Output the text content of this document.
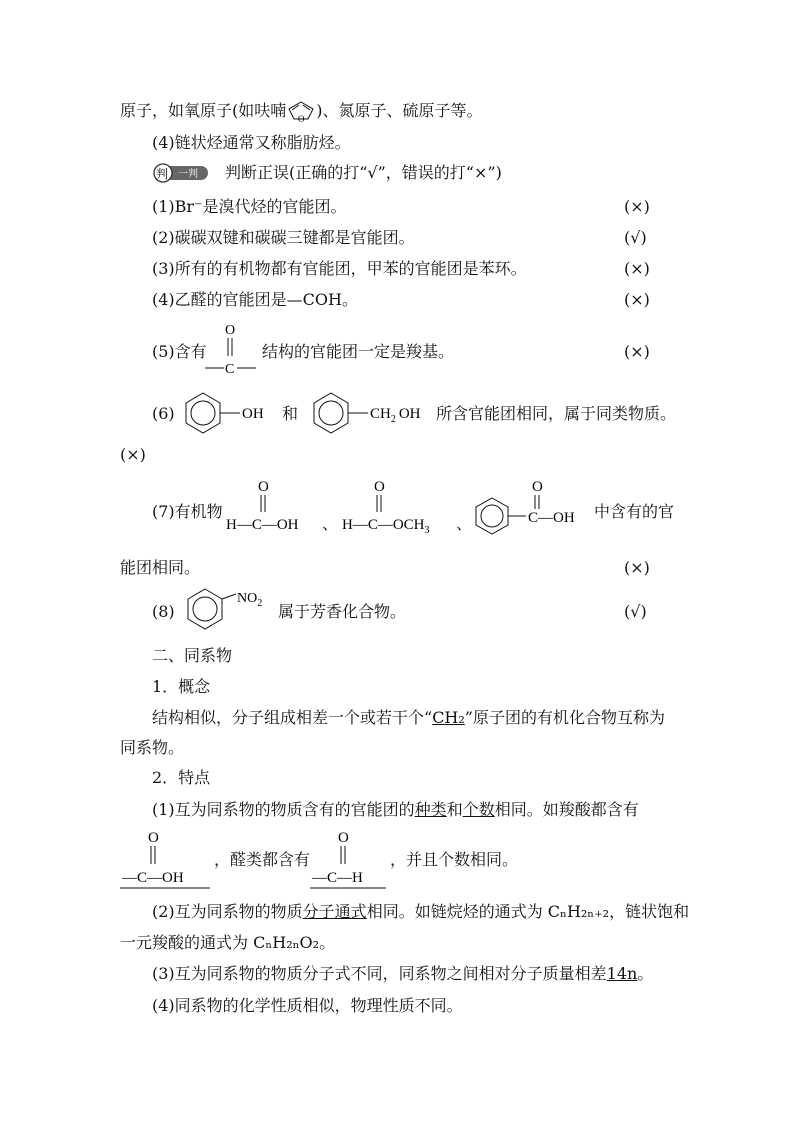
原子，如氧原子(如呋喃 O )、氮原子、硫原子等。
(4)链状烃通常又称脂肪烃。
判 一判 判断正误(正确的打“√”，错误的打“×”)
(1)Br⁻是溴代烃的官能团。	(×)
(2)碳碳双键和碳碳三键都是官能团。	(√)
(3)所有的有机物都有官能团，甲苯的官能团是苯环。	(×)
(4)乙醛的官能团是—COH。	(×)
(5)含有
O
C
结构的官能团一定是羧基。	(×)
(6)	OH 和	$CH_2$ OH 所含官能团相同，属于同类物质。
(×)
(7)有机物
O
H—C—OH 、
O
$H—C—OCH_3$ 、
O
C—OH 中含有的官
能团相同。	(×)
(8)
$NO_2$ 属于芳香化合物。	(√)
二、同系物
1．概念
结构相似，分子组成相差一个或若干个“CH₂”原子团的有机化合物互称为
同系物。
2．特点
(1)互为同系物的物质含有的官能团的种类和个数相同。如羧酸都含有
O
—C—OH
，醛类都含有
O
—C—H
，并且个数相同。
(2)互为同系物的物质分子通式相同。如链烷烃的通式为 CₙH₂ₙ₊₂，链状饱和
一元羧酸的通式为 CₙH₂ₙO₂。
(3)互为同系物的物质分子式不同，同系物之间相对分子质量相差14n。
(4)同系物的化学性质相似，物理性质不同。
